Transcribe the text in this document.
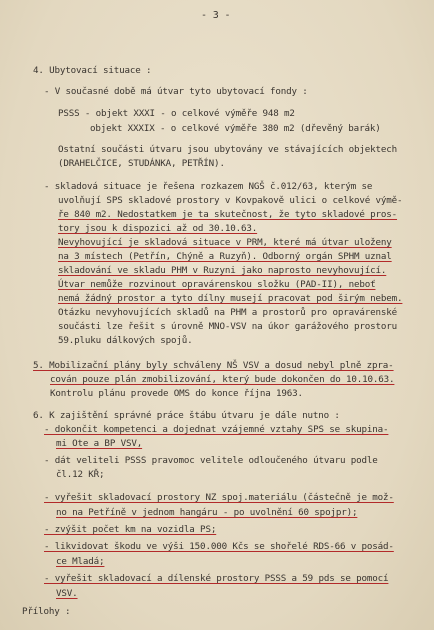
- 3 -
4. Ubytovací situace :
- V současné době má útvar tyto ubytovací fondy :
PSSS - objekt XXXI - o celkové výměře 948 m2
objekt XXXIX - o celkové výměře 380 m2 (dřevěný barák)
Ostatní součásti útvaru jsou ubytovány ve stávajících objektech
(DRAHELČICE, STUDÁNKA, PETŘÍN).
- skladová situace je řešena rozkazem NGŠ č.012/63, kterým se
uvolňují SPS skladové prostory v Kovpakově ulici o celkové výmě-
ře 840 m2. Nedostatkem je ta skutečnost, že tyto skladové pros-
tory jsou k dispozici až od 30.10.63.
Nevyhovující je skladová situace v PRM, které má útvar uloženy
na 3 místech (Petřín, Chýně a Ruzyň). Odborný orgán SPHM uznal
skladování ve skladu PHM v Ruzyni jako naprosto nevyhovující.
Útvar nemůže rozvinout opravárenskou složku (PAD-II), neboť
nemá žádný prostor a tyto dílny musejí pracovat pod širým nebem.
Otázku nevyhovujících skladů na PHM a prostorů pro opravárenské
součásti lze řešit s úrovně MNO-VSV na úkor garážového prostoru
59.pluku dálkových spojů.
5. Mobilizační plány byly schváleny NŠ VSV a dosud nebyl plně zpra-
cován pouze plán zmobilizování, který bude dokončen do 10.10.63.
Kontrolu plánu provede OMS do konce října 1963.
6. K zajištění správné práce štábu útvaru je dále nutno :
- dokončit kompetenci a dojednat vzájemné vztahy SPS se skupina-
mi Ote a BP VSV,
- dát veliteli PSSS pravomoc velitele odloučeného útvaru podle
čl.12 KŘ;
- vyřešit skladovací prostory NZ spoj.materiálu (částečně je mož-
no na Petříně v jednom hangáru - po uvolnění 60 spojpr);
- zvýšit počet km na vozidla PS;
- likvidovat škodu ve výši 150.000 Kčs se shořelé RDS-66 v posád-
ce Mladá;
- vyřešit skladovací a dílenské prostory PSSS a 59 pds se pomocí
VSV.
Přílohy :
